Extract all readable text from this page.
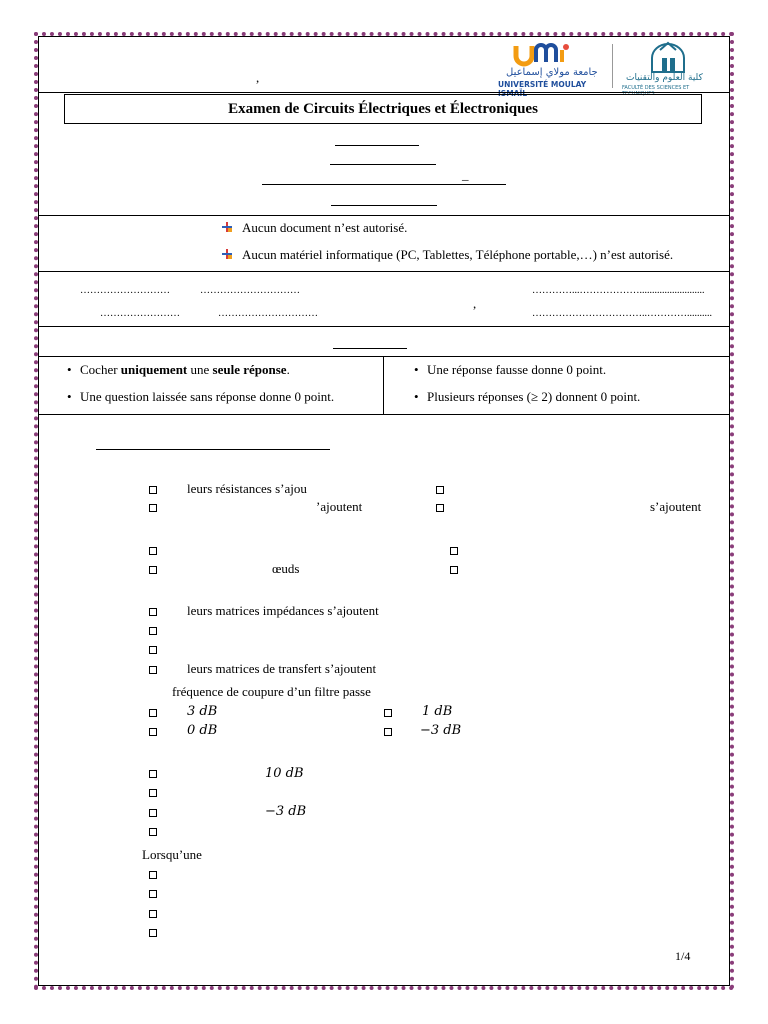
,	جامعة مولاي إسماعيل
UNIVERSITÉ MOULAY ISMAÏL
كلية العلوم والتقنيات
FACULTÉ DES SCIENCES ET TECHNIQUES
Examen de Circuits Électriques et Électroniques
_
Aucun document n’est autorisé.
Aucun matériel informatique (PC, Tablettes, Téléphone portable,…) n’est autorisé.
………………………	…………………………
……………………	…………………………
,
…………...………………..........................
……………………………..…………..........
• Cocher uniquement une seule réponse.
• Une question laissée sans réponse donne 0 point.
• Une réponse fausse donne 0 point.
• Plusieurs réponses (≥ 2) donnent 0 point.
leurs résistances s’ajou
’ajoutent	s’ajoutent
œuds
leurs matrices impédances s’ajoutent
leurs matrices de transfert s’ajoutent
fréquence de coupure d’un filtre passe
3 dB	1 dB
0 dB	−3 dB
10 dB
−3 dB
Lorsqu’une
1/4
